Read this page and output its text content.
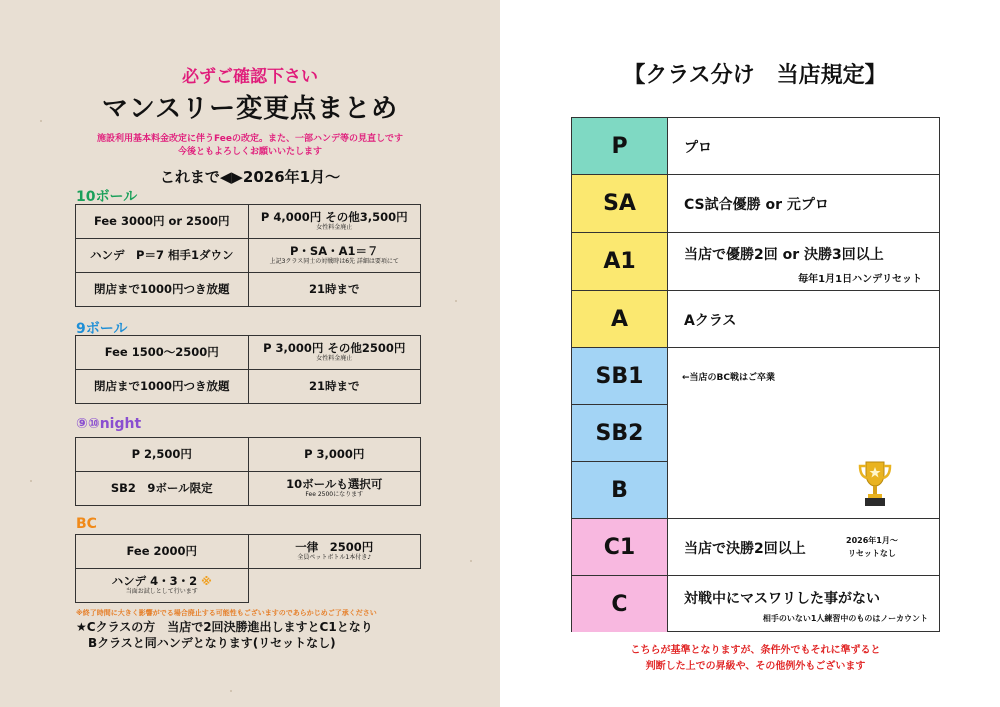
必ずご確認下さい
マンスリー変更点まとめ
施設利用基本料金改定に伴うFeeの改定。また、一部ハンデ等の見直しです
今後ともよろしくお願いいたします
これまで◀▶2026年1月～
10ボール
Fee 3000円 or 2500円	P 4,000円 その他3,500円
女性料金廃止

ハンデ　P＝7 相手1ダウン	P・SA・A1＝７
上記3クラス同士の対戦時は6先 詳細は要項にて

閉店まで1000円つき放題	21時まで
9ボール
Fee 1500～2500円	P 3,000円 その他2500円
女性料金廃止

閉店まで1000円つき放題	21時まで
⑨⑩night
P 2,500円	P 3,000円
SB2　9ボール限定	10ボールも選択可
Fee 2500になります
BC
Fee 2000円	一律　2500円
全員ペットボトル1本付き♪

ハンデ 4・3・2 ※
当面お試しとして行います
※終了時間に大きく影響がでる場合廃止する可能性もございますのであらかじめご了承ください
★Cクラスの方　当店で2回決勝進出しますとC1となり
Bクラスと同ハンデとなります(リセットなし)
【クラス分け　当店規定】
P	プロ
SA	CS試合優勝 or 元プロ
A1	当店で優勝2回 or 決勝3回以上
毎年1月1日ハンデリセット
A	Aクラス
SB1
SB2
B
←当店のBC戦はご卒業
C1	当店で決勝2回以上
2026年1月～
リセットなし
C	対戦中にマスワリした事がない
相手のいない1人練習中のものはノーカウント
こちらが基準となりますが、条件外でもそれに準ずると
判断した上での昇級や、その他例外もございます
